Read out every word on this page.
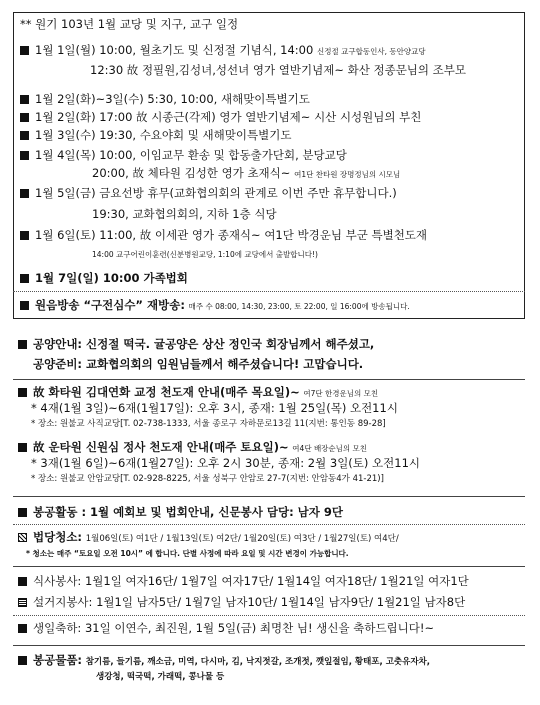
** 원기 103년 1월 교당 및 지구, 교구 일정
1월 1일(월) 10:00, 월초기도 및 신정절 기념식, 14:00 신정절 교구합동인사, 동안양교당
12:30 故 정필원,김성녀,성선녀 영가 열반기념제~ 화산 정종문님의 조부모
1월 2일(화)~3일(수) 5:30, 10:00, 새해맞이특별기도
1월 2일(화) 17:00 故 시종근(각제) 영가 열반기념제~ 시산 시성원님의 부친
1월 3일(수) 19:30, 수요야회 및 새해맞이특별기도
1월 4일(목) 10:00, 이임교무 환송 및 합동출가단회, 분당교당
20:00, 故 체타원 김성한 영가 초재식~ 여1단 찬타원 장명정님의 시모님
1월 5일(금) 금요선방 휴무(교화협의회의 관계로 이번 주만 휴무합니다.)
19:30, 교화협의회의, 지하 1층 식당
1월 6일(토) 11:00, 故 이세관 영가 종재식~ 여1단 박경운님 부군 특별천도재
14:00 교구어린이훈련(신분병원교당, 1:10에 교당에서 출발합니다!)
1월 7일(일) 10:00 가족법회
원음방송 “구전심수” 재방송: 매주 수 08:00, 14:30, 23:00, 토 22:00, 일 16:00에 방송됩니다.
공양안내: 신정절 떡국. 귤공양은 상산 정인국 회장님께서 해주셨고,
공양준비: 교화협의회의 임원님들께서 해주셨습니다! 고맙습니다.
故 화타원 김대연화 교정 천도재 안내(매주 목요일)~ 여7단 한경운님의 모친
* 4재(1월 3일)~6재(1월17일): 오후 3시, 종재: 1월 25일(목) 오전11시
* 장소: 원불교 사직교당[T. 02-738-1333, 서울 종로구 자하문로13길 11(지번: 통인동 89-28]
故 운타원 신원심 정사 천도재 안내(매주 토요일)~ 여4단 배장순님의 모친
* 3재(1월 6일)~6재(1월27일): 오후 2시 30분, 종재: 2월 3일(토) 오전11시
* 장소: 원불교 안암교당[T. 02-928-8225, 서울 성북구 안암로 27-7(지번: 안암동4가 41-21)]
봉공활동 : 1월 예회보 및 법회안내, 신문봉사 담당: 남자 9단
법당청소: 1월06일(토) 여1단 / 1월13일(토) 여2단/ 1월20일(토) 여3단 / 1월27일(토) 여4단/
* 청소는 매주 “토요일 오전 10시” 에 합니다. 단별 사정에 따라 요일 및 시간 변경이 가능합니다.
식사봉사: 1월1일 여자16단/ 1월7일 여자17단/ 1월14일 여자18단/ 1월21일 여자1단
설거지봉사: 1월1일 남자5단/ 1월7일 남자10단/ 1월14일 남자9단/ 1월21일 남자8단
생일축하: 31일 이연수, 최진원, 1월 5일(금) 최명찬 님! 생신을 축하드립니다!~
봉공물품: 참기름, 들기름, 깨소금, 미역, 다시마, 김, 낙지젓갈, 조개젓, 깻잎절임, 황태포, 고춧유자차,
생강청, 떡국떡, 가래떡, 콩나물 등
